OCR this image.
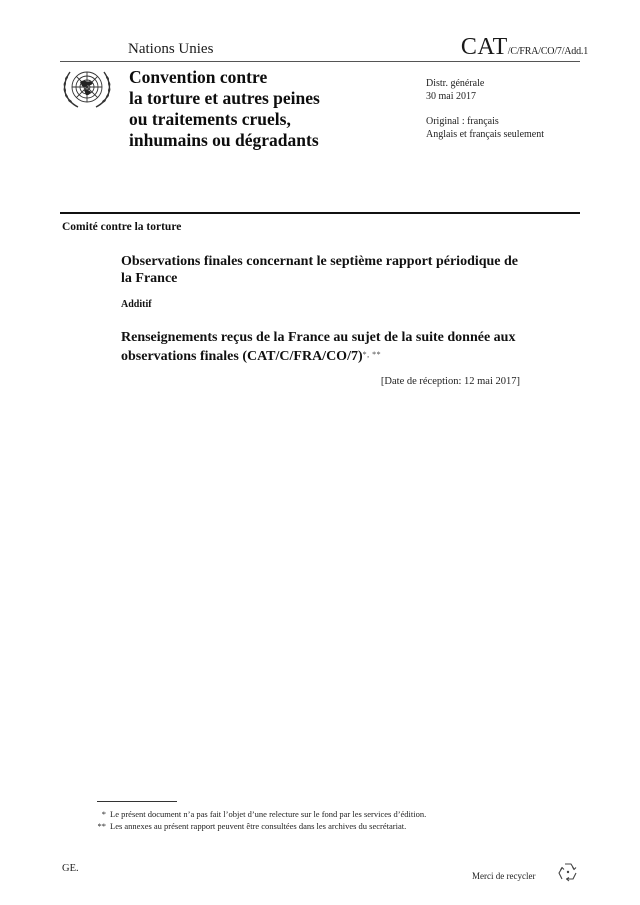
Nations Unies	CAT/C/FRA/CO/7/Add.1
Convention contre
la torture et autres peines
ou traitements cruels,
inhumains ou dégradants
Distr. générale
30 mai 2017
Original : français
Anglais et français seulement
Comité contre la torture
Observations finales concernant le septième rapport périodique de la France
Additif
Renseignements reçus de la France au sujet de la suite donnée aux observations finales (CAT/C/FRA/CO/7)*, **
[Date de réception: 12 mai 2017]
* Le présent document n’a pas fait l’objet d’une relecture sur le fond par les services d’édition.
** Les annexes au présent rapport peuvent être consultées dans les archives du secrétariat.
GE.
Merci de recycler
